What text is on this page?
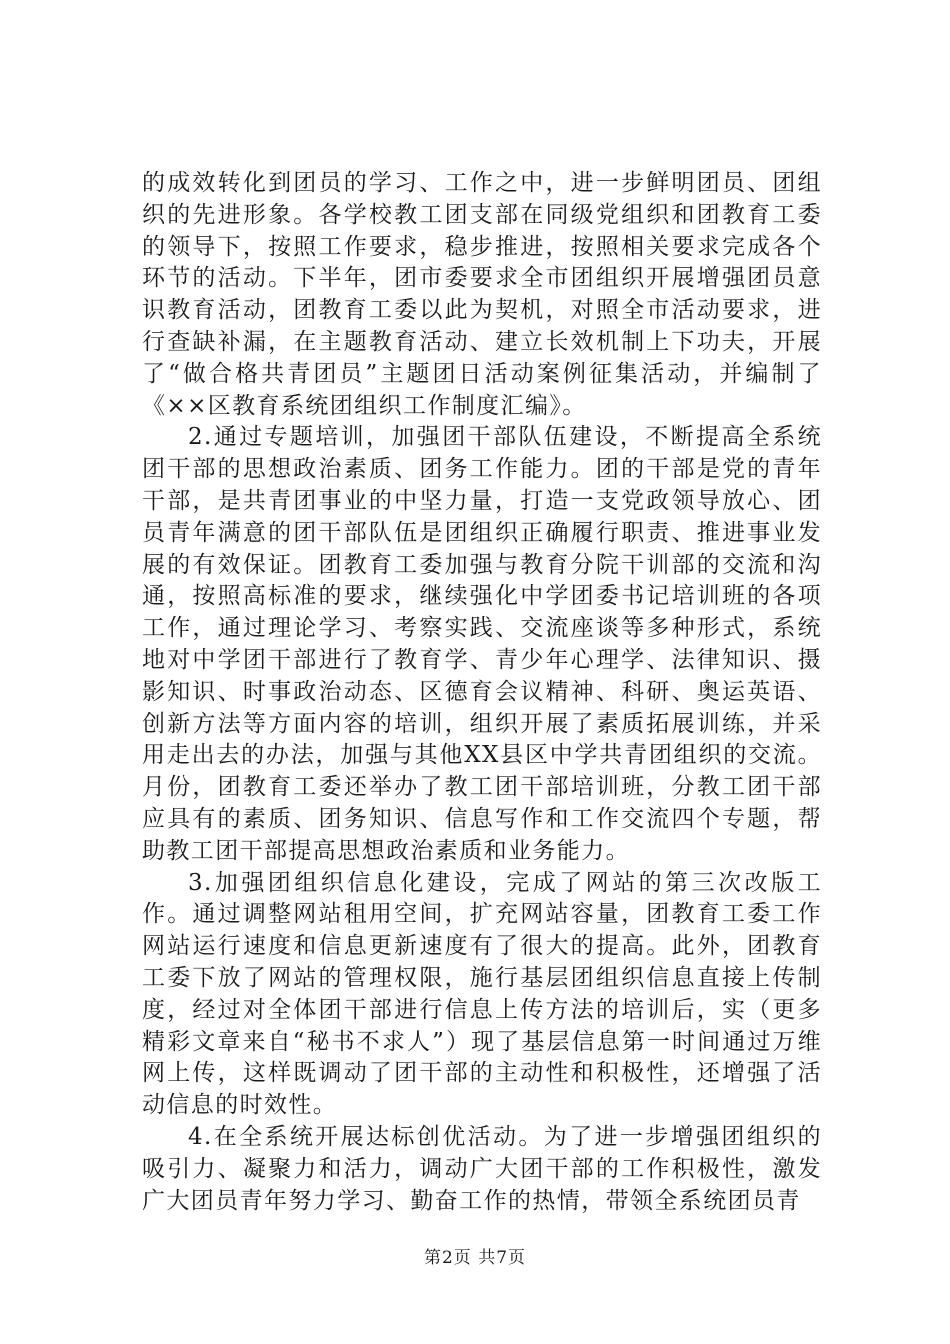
的成效转化到团员的学习、工作之中，进一步鲜明团员、团组织的先进形象。各学校教工团支部在同级党组织和团教育工委的领导下，按照工作要求，稳步推进，按照相关要求完成各个环节的活动。下半年，团市委要求全市团组织开展增强团员意识教育活动，团教育工委以此为契机，对照全市活动要求，进行查缺补漏，在主题教育活动、建立长效机制上下功夫，开展了“做合格共青团员”主题团日活动案例征集活动，并编制了《××区教育系统团组织工作制度汇编》。

2.通过专题培训，加强团干部队伍建设，不断提高全系统团干部的思想政治素质、团务工作能力。团的干部是党的青年干部，是共青团事业的中坚力量，打造一支党政领导放心、团员青年满意的团干部队伍是团组织正确履行职责、推进事业发展的有效保证。团教育工委加强与教育分院干训部的交流和沟通，按照高标准的要求，继续强化中学团委书记培训班的各项工作，通过理论学习、考察实践、交流座谈等多种形式，系统地对中学团干部进行了教育学、青少年心理学、法律知识、摄影知识、时事政治动态、区德育会议精神、科研、奥运英语、创新方法等方面内容的培训，组织开展了素质拓展训练，并采用走出去的办法，加强与其他XX县区中学共青团组织的交流。月份，团教育工委还举办了教工团干部培训班，分教工团干部应具有的素质、团务知识、信息写作和工作交流四个专题，帮助教工团干部提高思想政治素质和业务能力。

3.加强团组织信息化建设，完成了网站的第三次改版工作。通过调整网站租用空间，扩充网站容量，团教育工委工作网站运行速度和信息更新速度有了很大的提高。此外，团教育工委下放了网站的管理权限，施行基层团组织信息直接上传制度，经过对全体团干部进行信息上传方法的培训后，实（更多精彩文章来自“秘书不求人”）现了基层信息第一时间通过万维网上传，这样既调动了团干部的主动性和积极性，还增强了活动信息的时效性。

4.在全系统开展达标创优活动。为了进一步增强团组织的吸引力、凝聚力和活力，调动广大团干部的工作积极性，激发广大团员青年努力学习、勤奋工作的热情，带领全系统团员青

第2页 共7页
